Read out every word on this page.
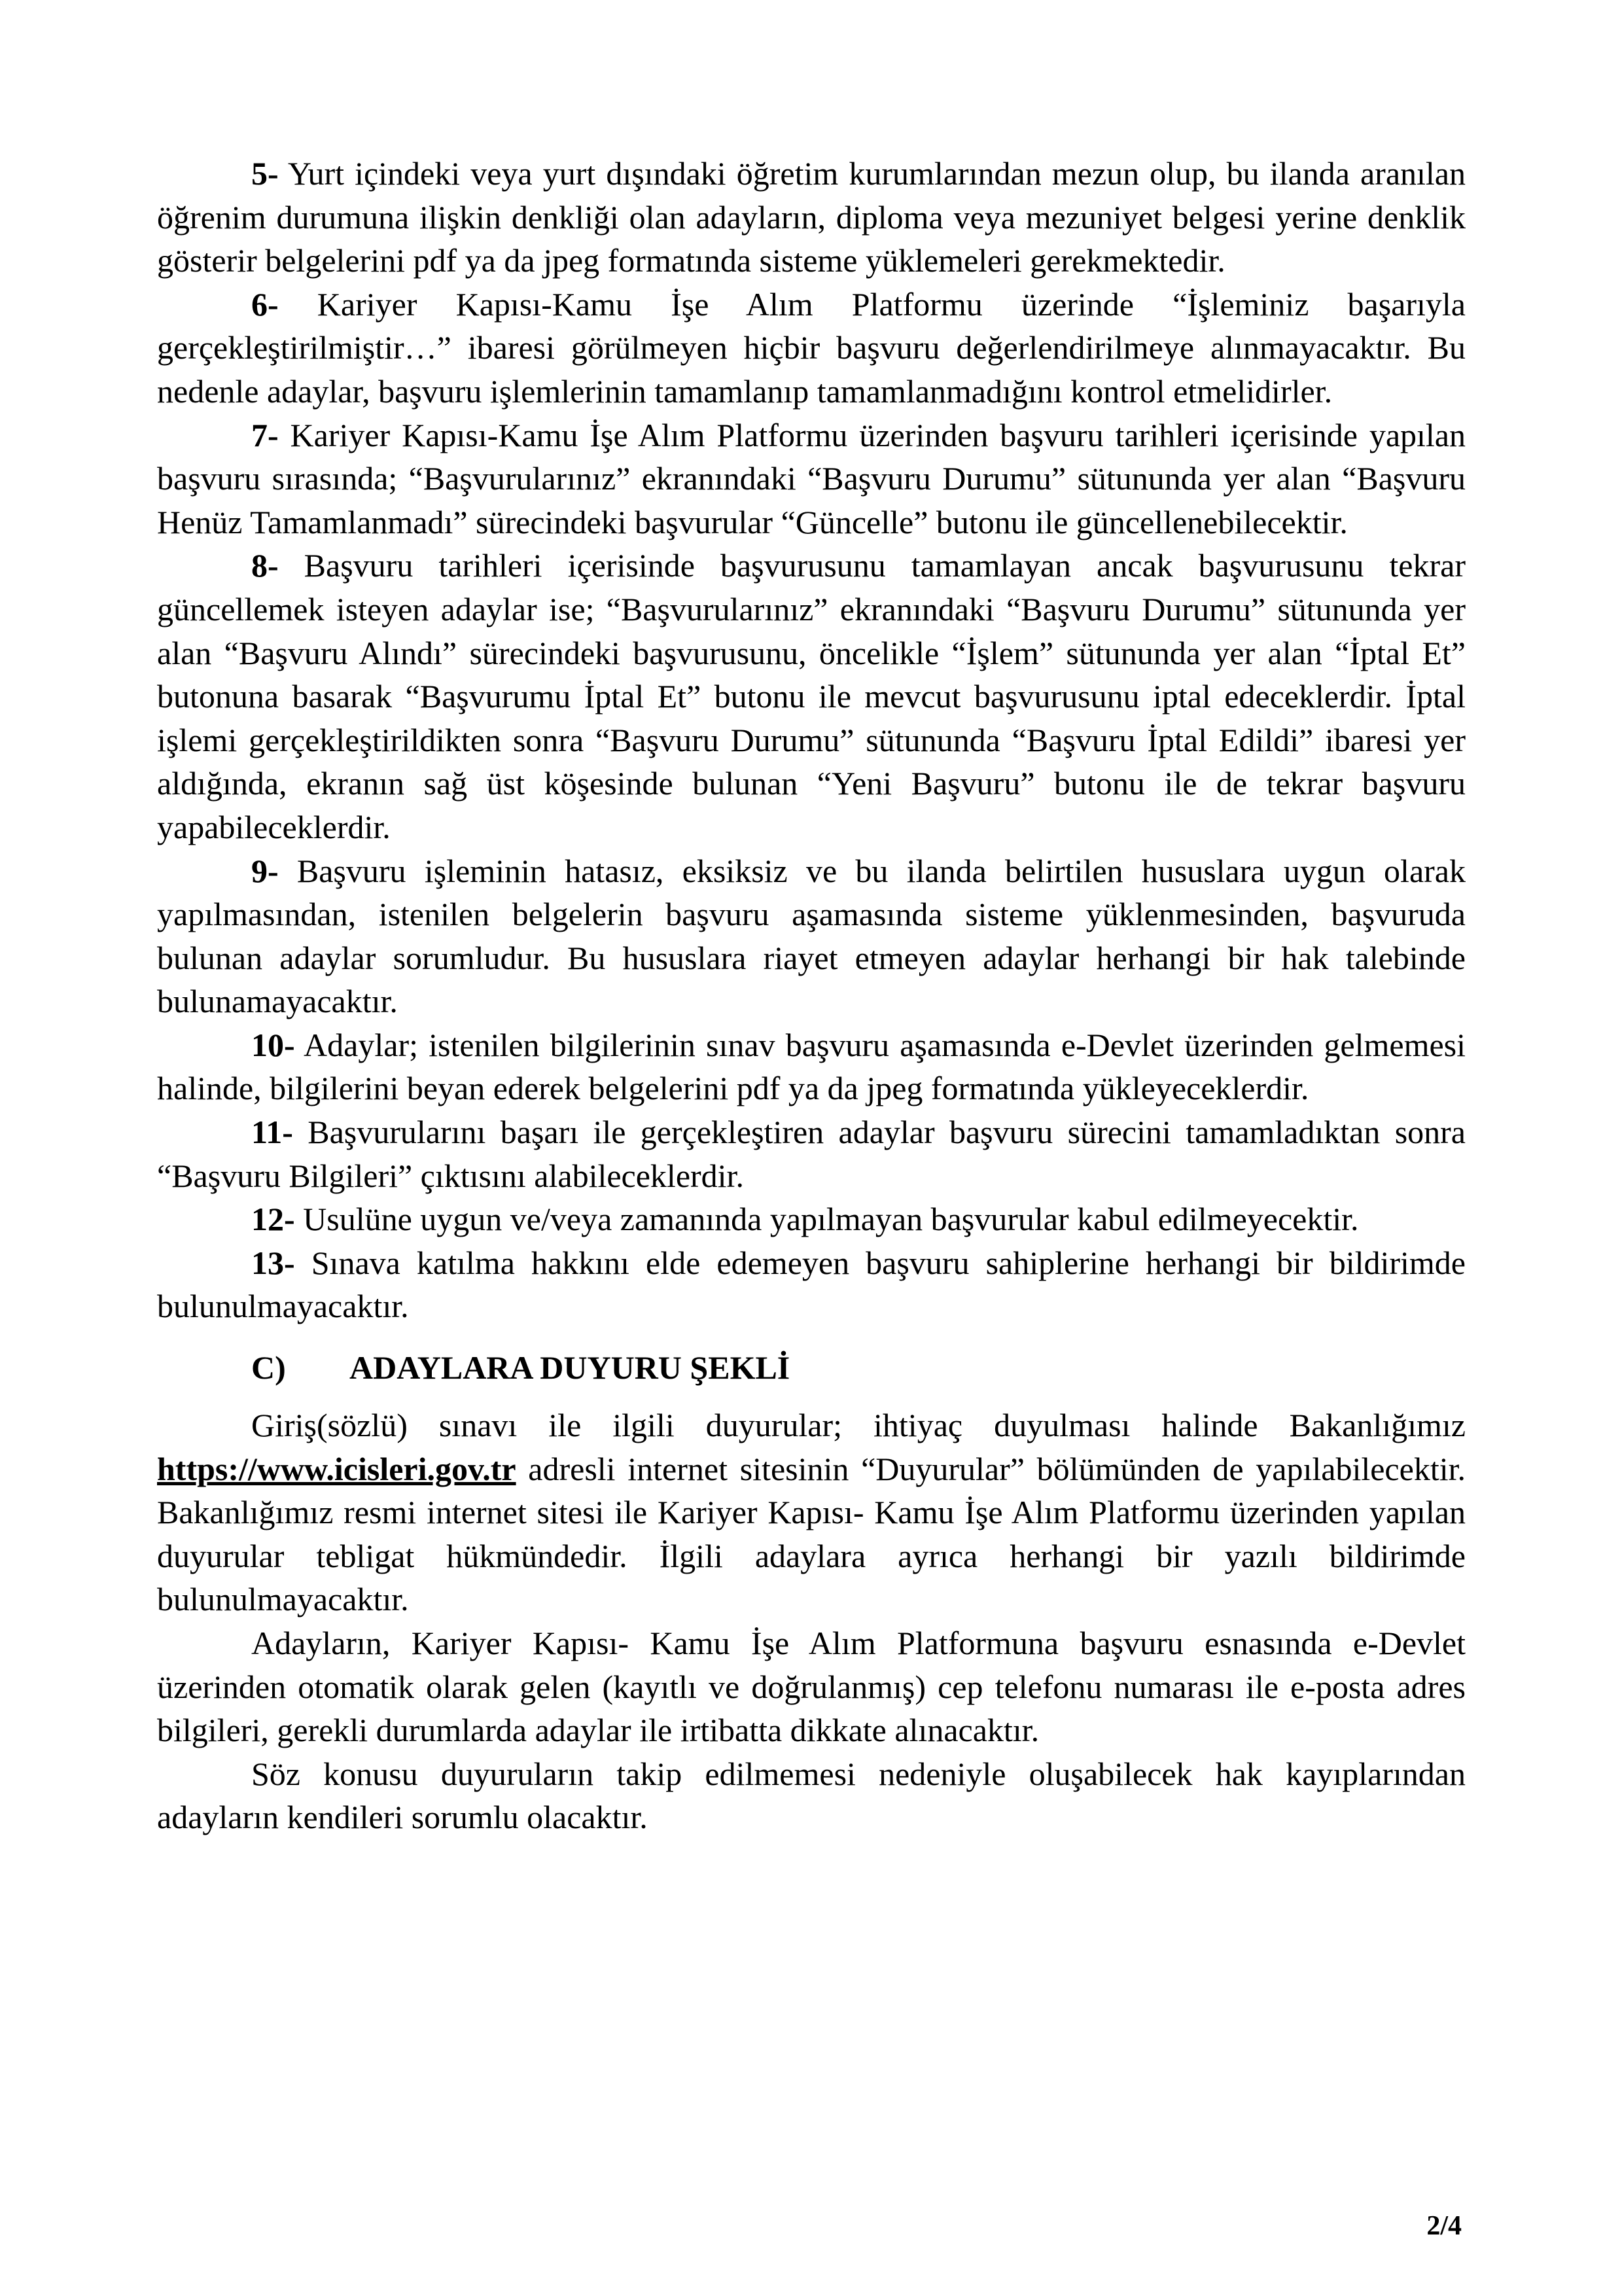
5- Yurt içindeki veya yurt dışındaki öğretim kurumlarından mezun olup, bu ilanda aranılan öğrenim durumuna ilişkin denkliği olan adayların, diploma veya mezuniyet belgesi yerine denklik gösterir belgelerini pdf ya da jpeg formatında sisteme yüklemeleri gerekmektedir.

6- Kariyer Kapısı-Kamu İşe Alım Platformu üzerinde “İşleminiz başarıyla gerçekleştirilmiştir…” ibaresi görülmeyen hiçbir başvuru değerlendirilmeye alınmayacaktır. Bu nedenle adaylar, başvuru işlemlerinin tamamlanıp tamamlanmadığını kontrol etmelidirler.

7- Kariyer Kapısı-Kamu İşe Alım Platformu üzerinden başvuru tarihleri içerisinde yapılan başvuru sırasında; “Başvurularınız” ekranındaki “Başvuru Durumu” sütununda yer alan “Başvuru Henüz Tamamlanmadı” sürecindeki başvurular “Güncelle” butonu ile güncellenebilecektir.

8- Başvuru tarihleri içerisinde başvurusunu tamamlayan ancak başvurusunu tekrar güncellemek isteyen adaylar ise; “Başvurularınız” ekranındaki “Başvuru Durumu” sütununda yer alan “Başvuru Alındı” sürecindeki başvurusunu, öncelikle “İşlem” sütununda yer alan “İptal Et” butonuna basarak “Başvurumu İptal Et” butonu ile mevcut başvurusunu iptal edeceklerdir. İptal işlemi gerçekleştirildikten sonra “Başvuru Durumu” sütununda “Başvuru İptal Edildi” ibaresi yer aldığında, ekranın sağ üst köşesinde bulunan “Yeni Başvuru” butonu ile de tekrar başvuru yapabileceklerdir.

9- Başvuru işleminin hatasız, eksiksiz ve bu ilanda belirtilen hususlara uygun olarak yapılmasından, istenilen belgelerin başvuru aşamasında sisteme yüklenmesinden, başvuruda bulunan adaylar sorumludur. Bu hususlara riayet etmeyen adaylar herhangi bir hak talebinde bulunamayacaktır.

10- Adaylar; istenilen bilgilerinin sınav başvuru aşamasında e-Devlet üzerinden gelmemesi halinde, bilgilerini beyan ederek belgelerini pdf ya da jpeg formatında yükleyeceklerdir.

11- Başvurularını başarı ile gerçekleştiren adaylar başvuru sürecini tamamladıktan sonra “Başvuru Bilgileri” çıktısını alabileceklerdir.

12- Usulüne uygun ve/veya zamanında yapılmayan başvurular kabul edilmeyecektir.

13- Sınava katılma hakkını elde edemeyen başvuru sahiplerine herhangi bir bildirimde bulunulmayacaktır.

C) ADAYLARA DUYURU ŞEKLİ

Giriş(sözlü) sınavı ile ilgili duyurular; ihtiyaç duyulması halinde Bakanlığımız https://www.icisleri.gov.tr adresli internet sitesinin “Duyurular” bölümünden de yapılabilecektir. Bakanlığımız resmi internet sitesi ile Kariyer Kapısı- Kamu İşe Alım Platformu üzerinden yapılan duyurular tebligat hükmündedir. İlgili adaylara ayrıca herhangi bir yazılı bildirimde bulunulmayacaktır.

Adayların, Kariyer Kapısı- Kamu İşe Alım Platformuna başvuru esnasında e-Devlet üzerinden otomatik olarak gelen (kayıtlı ve doğrulanmış) cep telefonu numarası ile e-posta adres bilgileri, gerekli durumlarda adaylar ile irtibatta dikkate alınacaktır.

Söz konusu duyuruların takip edilmemesi nedeniyle oluşabilecek hak kayıplarından adayların kendileri sorumlu olacaktır.

2/4
